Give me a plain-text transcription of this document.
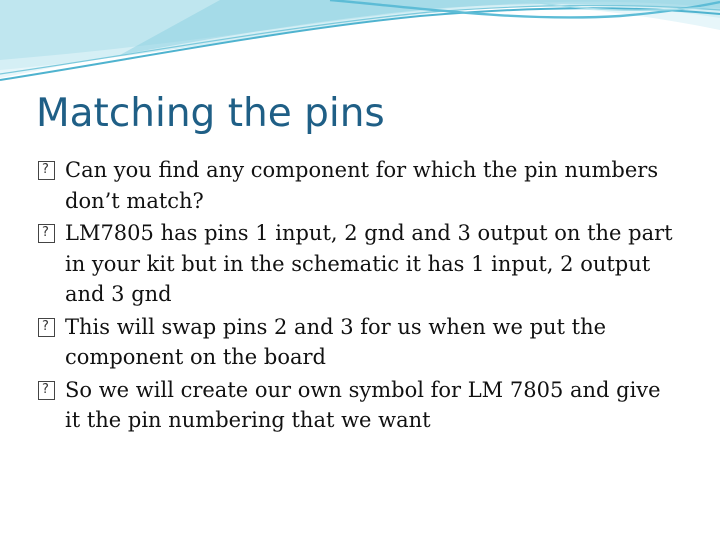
Matching the pins
?
Can you find any component for which the pin numbers don’t match?
?
LM7805 has pins 1 input, 2 gnd and 3 output on the part in your kit but in the schematic it has 1 input, 2 output and 3 gnd
?
This will swap pins 2 and 3 for us when we put the component on the board
?
So we will create our own symbol for LM 7805 and give it the pin numbering that we want
